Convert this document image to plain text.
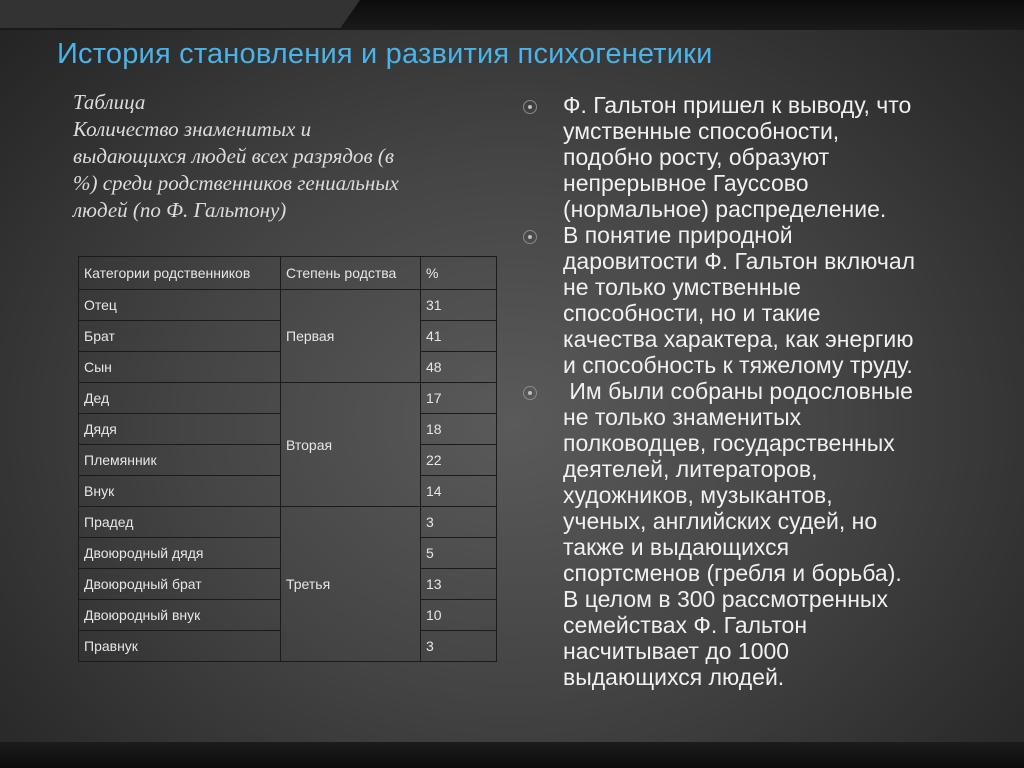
История становления и развития психогенетики
Таблица
Количество знаменитых и
выдающихся людей всех разрядов (в
%) среди родственников гениальных
людей (по Ф. Гальтону)
Категории родственников	Степень родства	%
Отец	Первая	31
Брат		41
Сын		48
Дед	Вторая	17
Дядя		18
Племянник		22
Внук		14
Прадед	Третья	3
Двоюродный дядя		5
Двоюродный брат		13
Двоюродный внук		10
Правнук		3
Ф. Гальтон пришел к выводу, что
умственные способности,
подобно росту, образуют
непрерывное Гауссово
(нормальное) распределение.
В понятие природной
даровитости Ф. Гальтон включал
не только умственные
способности, но и такие
качества характера, как энергию
и способность к тяжелому труду.
Им были собраны родословные
не только знаменитых
полководцев, государственных
деятелей, литераторов,
художников, музыкантов,
ученых, английских судей, но
также и выдающихся
спортсменов (гребля и борьба).
В целом в 300 рассмотренных
семействах Ф. Гальтон
насчитывает до 1000
выдающихся людей.
